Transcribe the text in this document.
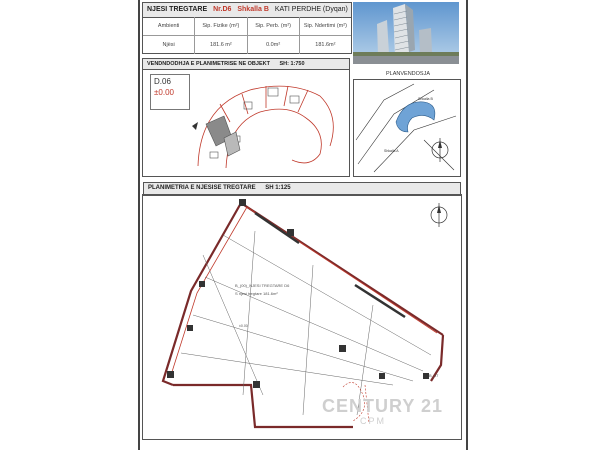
NJESI TREGTARE Nr.D6 Shkalla B KATI PERDHE (Dyqan)
Ambienti	Sip. Fizike (m²)	Sip. Perb. (m²)	Sip. Ndertimi (m²)
Njësi	181.6 m²	0.0m²	181.6m²
VENDNDODHJA E PLANIMETRISE NE OBJEKT SH: 1:750
D.06
±0.00
PLANVENDOSJA
Shkalla B
Shkalla A
PLANIMETRIA E NJESISE TREGTARE SH 1:125
B_(00)_NJESI TREGTARE D6
S njesi tregtare 181.6m²
±0.00
B_07
CENTURY 21
CPM
